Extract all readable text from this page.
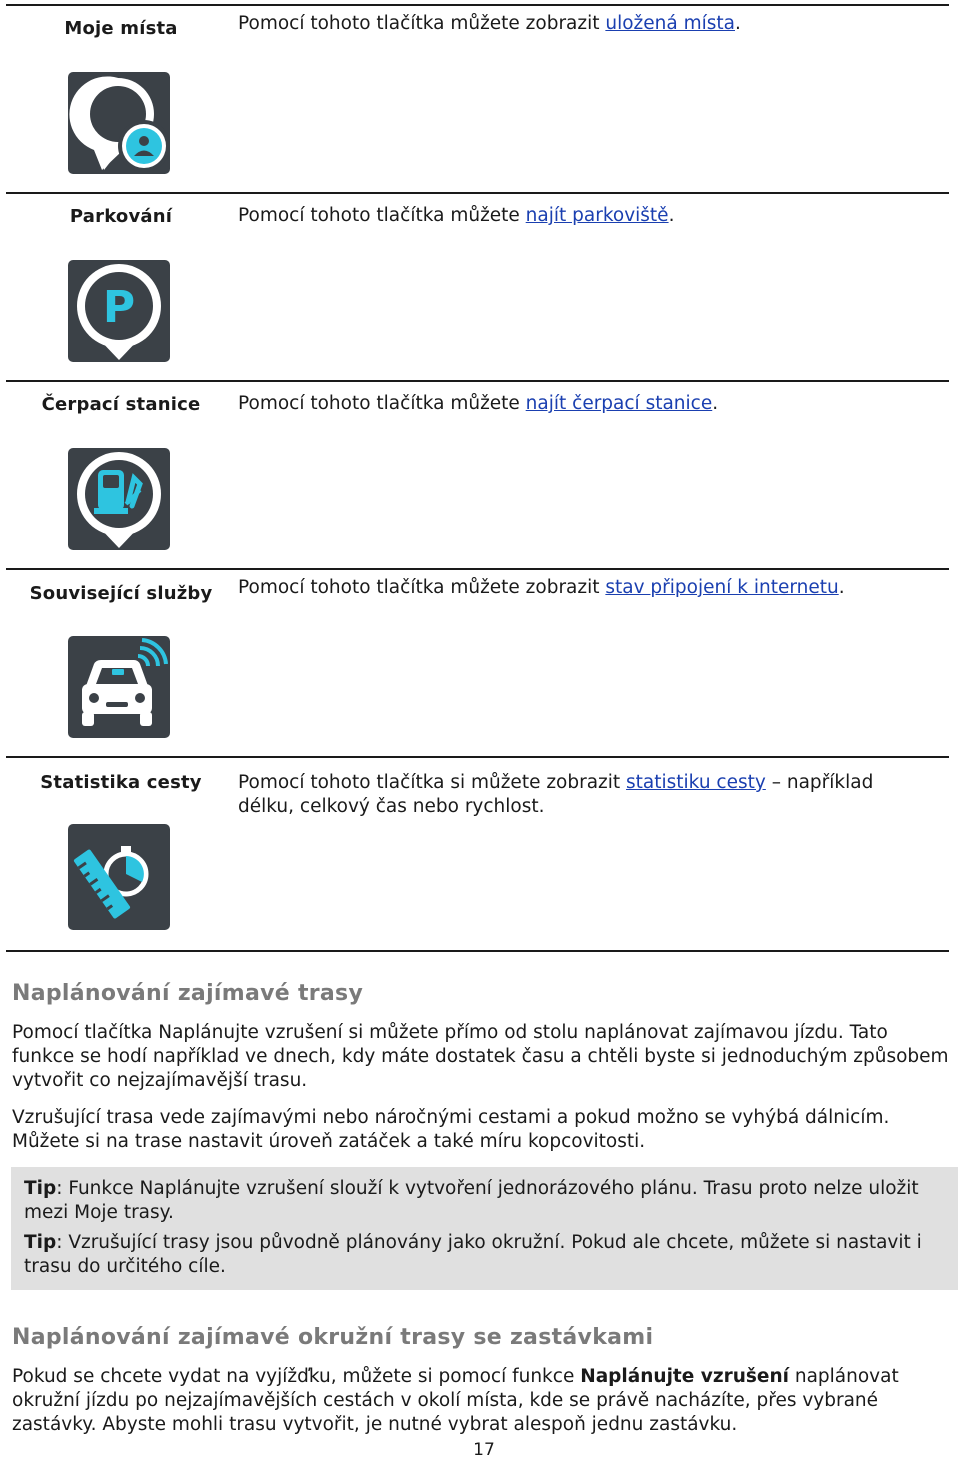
Moje místa	Pomocí tohoto tlačítka můžete zobrazit uložená místa.
Parkování	Pomocí tohoto tlačítka můžete najít parkoviště.
P
Čerpací stanice	Pomocí tohoto tlačítka můžete najít čerpací stanice.
Související služby	Pomocí tohoto tlačítka můžete zobrazit stav připojení k internetu.
Statistika cesty	Pomocí tohoto tlačítka si můžete zobrazit statistiku cesty – například délku, celkový čas nebo rychlost.
Naplánování zajímavé trasy
Pomocí tlačítka Naplánujte vzrušení si můžete přímo od stolu naplánovat zajímavou jízdu. Tato funkce se hodí například ve dnech, kdy máte dostatek času a chtěli byste si jednoduchým způsobem vytvořit co nejzajímavější trasu.
Vzrušující trasa vede zajímavými nebo náročnými cestami a pokud možno se vyhýbá dálnicím. Můžete si na trase nastavit úroveň zatáček a také míru kopcovitosti.
Tip: Funkce Naplánujte vzrušení slouží k vytvoření jednorázového plánu. Trasu proto nelze uložit mezi Moje trasy.
Tip: Vzrušující trasy jsou původně plánovány jako okružní. Pokud ale chcete, můžete si nastavit i trasu do určitého cíle.
Naplánování zajímavé okružní trasy se zastávkami
Pokud se chcete vydat na vyjížďku, můžete si pomocí funkce Naplánujte vzrušení naplánovat okružní jízdu po nejzajímavějších cestách v okolí místa, kde se právě nacházíte, přes vybrané zastávky. Abyste mohli trasu vytvořit, je nutné vybrat alespoň jednu zastávku.
17
